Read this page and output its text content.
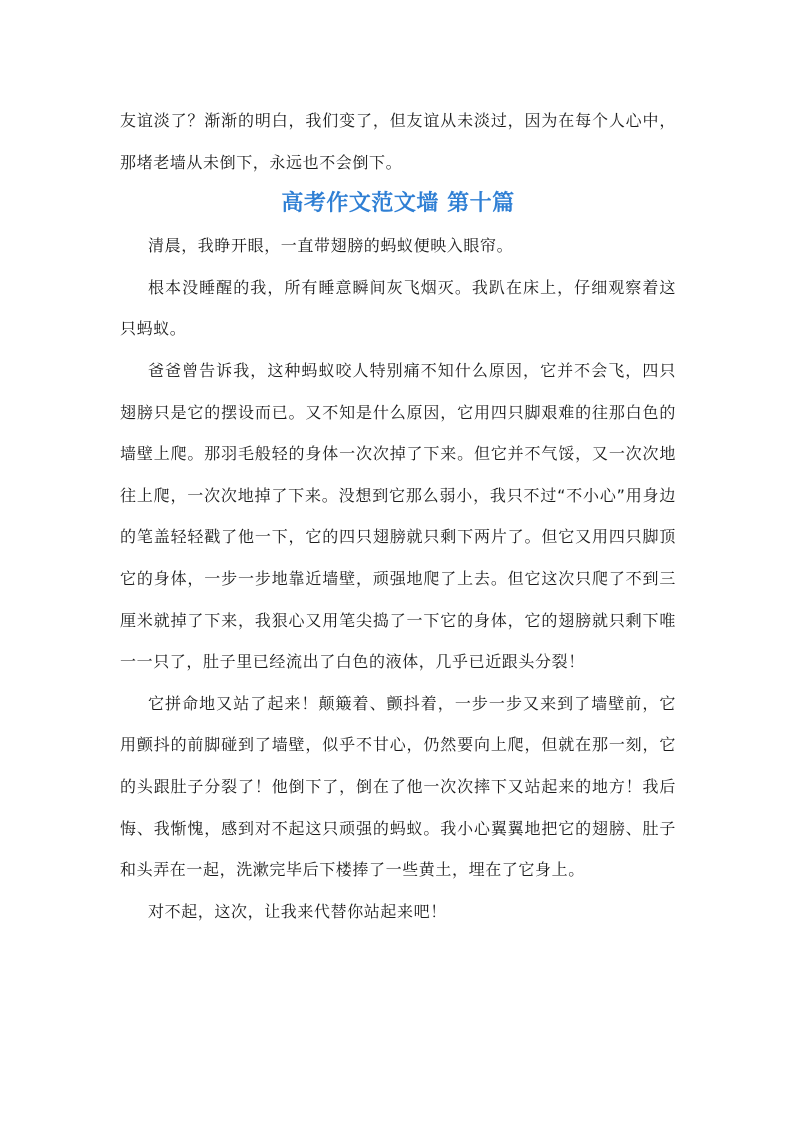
友谊淡了？渐渐的明白，我们变了，但友谊从未淡过，因为在每个人心中，那堵老墙从未倒下，永远也不会倒下。

高考作文范文墙 第十篇

清晨，我睁开眼，一直带翅膀的蚂蚁便映入眼帘。

根本没睡醒的我，所有睡意瞬间灰飞烟灭。我趴在床上，仔细观察着这只蚂蚁。

爸爸曾告诉我，这种蚂蚁咬人特别痛不知什么原因，它并不会飞，四只翅膀只是它的摆设而已。又不知是什么原因，它用四只脚艰难的往那白色的墙壁上爬。那羽毛般轻的身体一次次掉了下来。但它并不气馁，又一次次地往上爬，一次次地掉了下来。没想到它那么弱小，我只不过“不小心”用身边的笔盖轻轻戳了他一下，它的四只翅膀就只剩下两片了。但它又用四只脚顶它的身体，一步一步地靠近墙壁，顽强地爬了上去。但它这次只爬了不到三厘米就掉了下来，我狠心又用笔尖捣了一下它的身体，它的翅膀就只剩下唯一一只了，肚子里已经流出了白色的液体，几乎已近跟头分裂！

它拼命地又站了起来！颠簸着、颤抖着，一步一步又来到了墙壁前，它用颤抖的前脚碰到了墙壁，似乎不甘心，仍然要向上爬，但就在那一刻，它的头跟肚子分裂了！他倒下了，倒在了他一次次摔下又站起来的地方！我后悔、我惭愧，感到对不起这只顽强的蚂蚁。我小心翼翼地把它的翅膀、肚子和头弄在一起，洗漱完毕后下楼捧了一些黄土，埋在了它身上。

对不起，这次，让我来代替你站起来吧！
